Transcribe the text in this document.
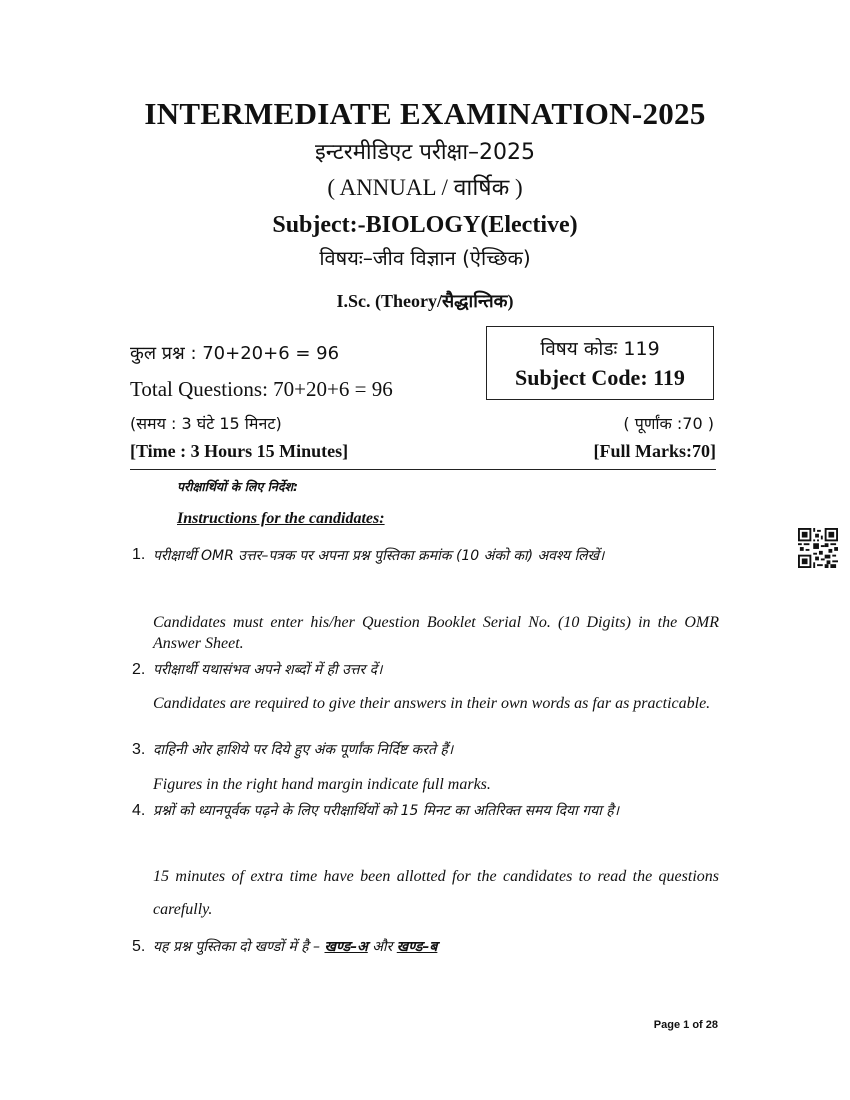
INTERMEDIATE EXAMINATION-2025
इन्टरमीडिएट परीक्षा–2025
( ANNUAL / वार्षिक )
Subject:-BIOLOGY(Elective)
विषयः–जीव विज्ञान (ऐच्छिक)
I.Sc. (Theory/सैद्धान्तिक)
कुल प्रश्न : 70+20+6 = 96
Total Questions: 70+20+6 = 96
(समय : 3 घंटे 15 मिनट)
[Time : 3 Hours 15 Minutes]
( पूर्णांक :70 )
[Full Marks:70]
विषय कोडः 119
Subject Code: 119
परीक्षार्थियों के लिए निर्देश:
Instructions for the candidates:
1. परीक्षार्थी OMR उत्तर–पत्रक पर अपना प्रश्न पुस्तिका क्रमांक (10 अंको का) अवश्य लिखें।
Candidates must enter his/her Question Booklet Serial No. (10 Digits) in the OMR Answer Sheet.
2. परीक्षार्थी यथासंभव अपने शब्दों में ही उत्तर दें।
Candidates are required to give their answers in their own words as far as practicable.
3. दाहिनी ओर हाशिये पर दिये हुए अंक पूर्णांक निर्दिष्ट करते हैं।
Figures in the right hand margin indicate full marks.
4. प्रश्नों को ध्यानपूर्वक पढ़ने के लिए परीक्षार्थियों को 15 मिनट का अतिरिक्त समय दिया गया है।
15 minutes of extra time have been allotted for the candidates to read the questions carefully.
5. यह प्रश्न पुस्तिका दो खण्डों में है – खण्ड–अ और खण्ड–ब
Page 1 of 28
